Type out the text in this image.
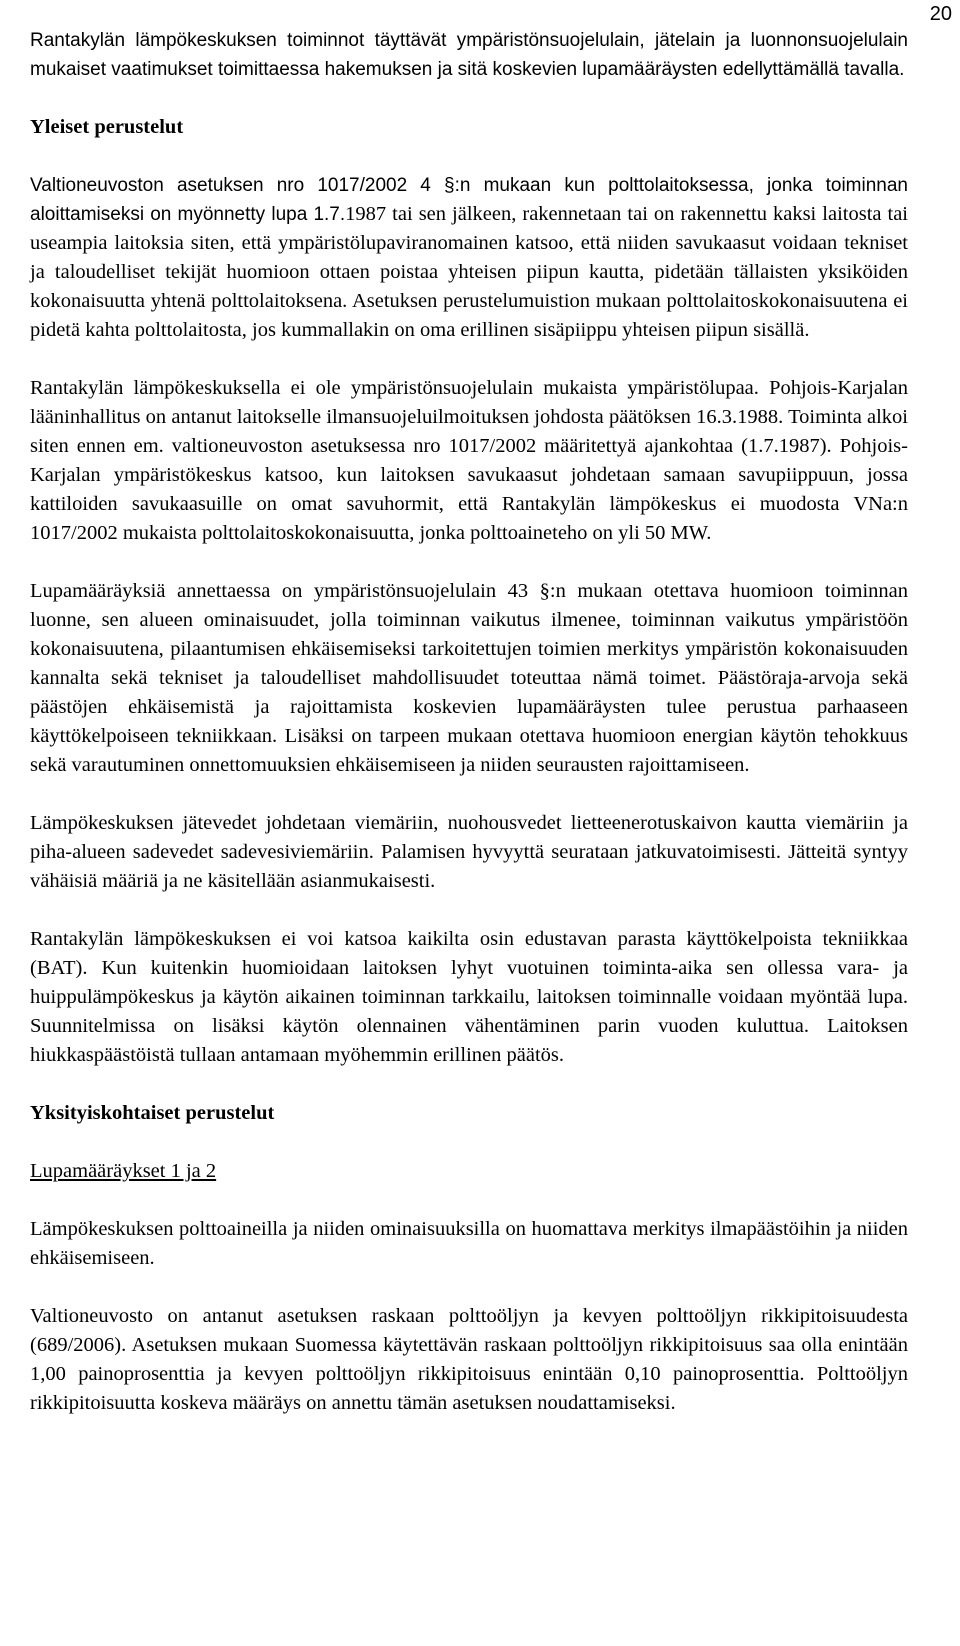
20

Rantakylän lämpökeskuksen toiminnot täyttävät ympäristönsuojelulain, jätelain ja luonnonsuojelulain mukaiset vaatimukset toimittaessa hakemuksen ja sitä koskevien lupamääräysten edellyttämällä tavalla.

Yleiset perustelut

Valtioneuvoston asetuksen nro 1017/2002 4 §:n mukaan kun polttolaitoksessa, jonka toiminnan aloittamiseksi on myönnetty lupa 1.7.1987 tai sen jälkeen, rakennetaan tai on rakennettu kaksi laitosta tai useampia laitoksia siten, että ympäristölupaviranomainen katsoo, että niiden savukaasut voidaan tekniset ja taloudelliset tekijät huomioon ottaen poistaa yhteisen piipun kautta, pidetään tällaisten yksiköiden kokonaisuutta yhtenä polttolaitoksena. Asetuksen perustelumuistion mukaan polttolaitoskokonaisuutena ei pidetä kahta polttolaitosta, jos kummallakin on oma erillinen sisäpiippu yhteisen piipun sisällä.

Rantakylän lämpökeskuksella ei ole ympäristönsuojelulain mukaista ympäristölupaa. Pohjois-Karjalan lääninhallitus on antanut laitokselle ilmansuojeluilmoituksen johdosta päätöksen 16.3.1988. Toiminta alkoi siten ennen em. valtioneuvoston asetuksessa nro 1017/2002 määritettyä ajankohtaa (1.7.1987). Pohjois-Karjalan ympäristökeskus katsoo, kun laitoksen savukaasut johdetaan samaan savupiippuun, jossa kattiloiden savukaasuille on omat savuhormit, että Rantakylän lämpökeskus ei muodosta VNa:n 1017/2002 mukaista polttolaitoskokonaisuutta, jonka polttoaineteho on yli 50 MW.

Lupamääräyksiä annettaessa on ympäristönsuojelulain 43 §:n mukaan otettava huomioon toiminnan luonne, sen alueen ominaisuudet, jolla toiminnan vaikutus ilmenee, toiminnan vaikutus ympäristöön kokonaisuutena, pilaantumisen ehkäisemiseksi tarkoitettujen toimien merkitys ympäristön kokonaisuuden kannalta sekä tekniset ja taloudelliset mahdollisuudet toteuttaa nämä toimet. Päästöraja-arvoja sekä päästöjen ehkäisemistä ja rajoittamista koskevien lupamääräysten tulee perustua parhaaseen käyttökelpoiseen tekniikkaan. Lisäksi on tarpeen mukaan otettava huomioon energian käytön tehokkuus sekä varautuminen onnettomuuksien ehkäisemiseen ja niiden seurausten rajoittamiseen.

Lämpökeskuksen jätevedet johdetaan viemäriin, nuohousvedet lietteenerotuskaivon kautta viemäriin ja piha-alueen sadevedet sadevesiviemäriin. Palamisen hyvyyttä seurataan jatkuvatoimisesti. Jätteitä syntyy vähäisiä määriä ja ne käsitellään asianmukaisesti.

Rantakylän lämpökeskuksen ei voi katsoa kaikilta osin edustavan parasta käyttökelpoista tekniikkaa (BAT). Kun kuitenkin huomioidaan laitoksen lyhyt vuotuinen toiminta-aika sen ollessa vara- ja huippulämpökeskus ja käytön aikainen toiminnan tarkkailu, laitoksen toiminnalle voidaan myöntää lupa. Suunnitelmissa on lisäksi käytön olennainen vähentäminen parin vuoden kuluttua. Laitoksen hiukkaspäästöistä tullaan antamaan myöhemmin erillinen päätös.

Yksityiskohtaiset perustelut

Lupamääräykset 1 ja 2

Lämpökeskuksen polttoaineilla ja niiden ominaisuuksilla on huomattava merkitys ilmapäästöihin ja niiden ehkäisemiseen.

Valtioneuvosto on antanut asetuksen raskaan polttoöljyn ja kevyen polttoöljyn rikkipitoisuudesta (689/2006). Asetuksen mukaan Suomessa käytettävän raskaan polttoöljyn rikkipitoisuus saa olla enintään 1,00 painoprosenttia ja kevyen polttoöljyn rikkipitoisuus enintään 0,10 painoprosenttia. Polttoöljyn rikkipitoisuutta koskeva määräys on annettu tämän asetuksen noudattamiseksi.
